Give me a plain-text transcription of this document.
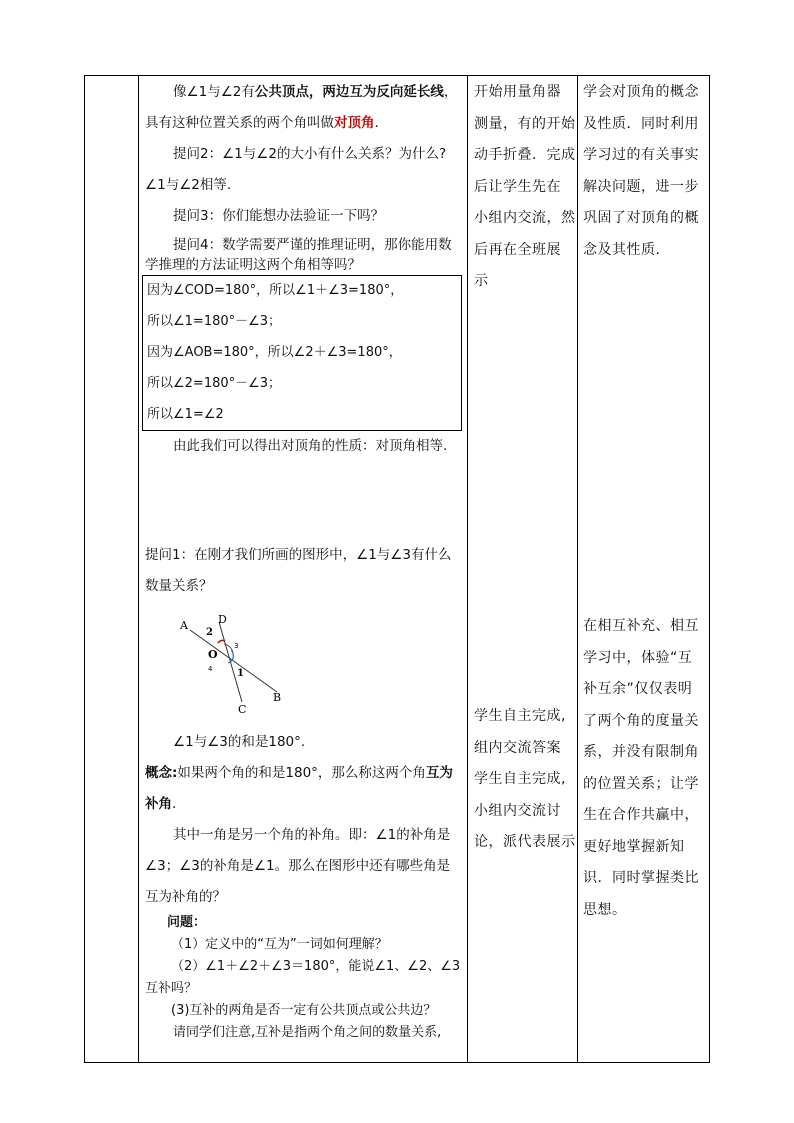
像∠1与∠2有公共顶点，两边互为反向延长线，具有这种位置关系的两个角叫做对顶角.

提问2：∠1与∠2的大小有什么关系？为什么?

∠1与∠2相等.

提问3：你们能想办法验证一下吗？

提问4：数学需要严谨的推理证明，那你能用数学推理的方法证明这两个角相等吗？

因为∠COD=180°，所以∠1＋∠3=180°，

所以∠1=180°－∠3；

因为∠AOB=180°，所以∠2＋∠3=180°，

所以∠2=180°－∠3；

所以∠1=∠2

由此我们可以得出对顶角的性质：对顶角相等.

提问1：在刚才我们所画的图形中，∠1与∠3有什么数量关系？

A	D
2
3
O
4 1
B
C

∠1与∠3的和是180°.

概念:如果两个角的和是180°，那么称这两个角互为补角.

其中一角是另一个角的补角。即：∠1的补角是∠3；∠3的补角是∠1。那么在图形中还有哪些角是互为补角的？

问题：

（1）定义中的“互为”一词如何理解？

（2）∠1＋∠2＋∠3＝180°，能说∠1、∠2、∠3互补吗？

(3)互补的两角是否一定有公共顶点或公共边？

请同学们注意,互补是指两个角之间的数量关系,

开始用量角器

测量，有的开始

动手折叠．完成

后让学生先在

小组内交流，然

后再在全班展

示

学生自主完成,

组内交流答案

学生自主完成,

小组内交流讨

论，派代表展示

学会对顶角的概念

及性质．同时利用

学习过的有关事实

解决问题，进一步

巩固了对顶角的概

念及其性质．

在相互补充、相互

学习中，体验“互

补互余”仅仅表明

了两个角的度量关

系，并没有限制角

的位置关系；让学

生在合作共赢中，

更好地掌握新知

识．同时掌握类比

思想。
